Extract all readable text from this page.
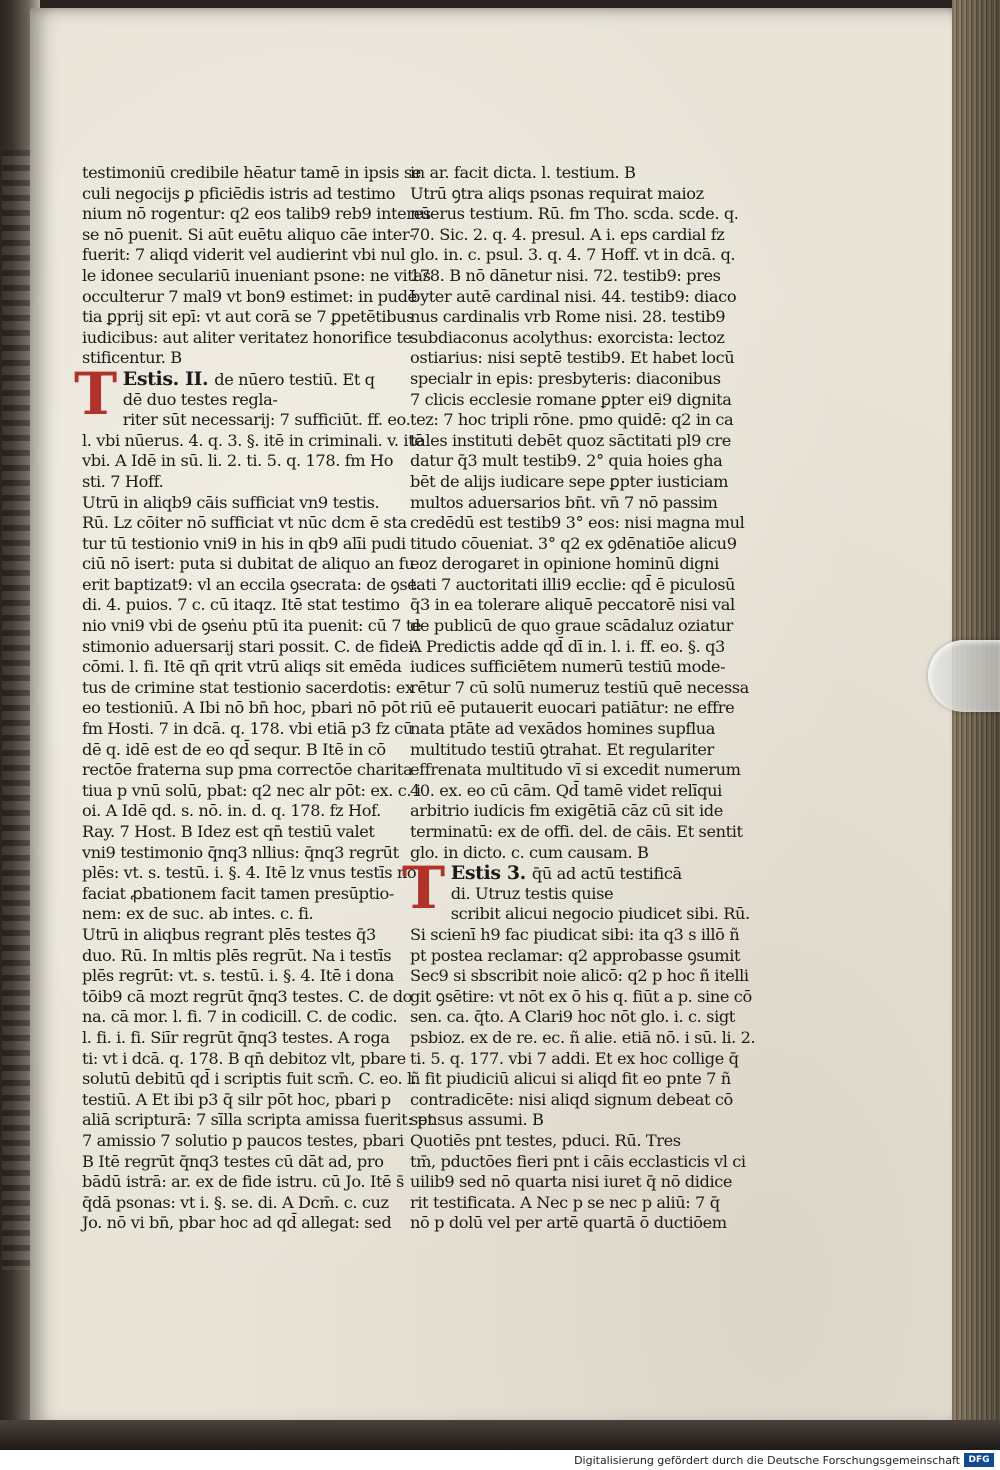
testimoniū credibile hēatur tamē in ipsis se
culi negocijs ꝑ pficiēdis istris ad testimo
nium nō rogentur: q2 eos talib9 reb9 interes
se nō puenit. Si aūt euētu aliquo cāe inter-
fuerit: 7 aliqd viderit vel audierint vbi nul
le idonee seculariū inueniant psone: ne vitas
occulterur 7 mal9 vt bon9 estimet: in pudē
tia ꝑprij sit epī: vt aut corā se 7 ꝑpetētibus
iudicibus: aut aliter veritatez honorifice te
stificentur. B
T Estis. II. de nūero testiū. Et q
dē duo testes regla-
riter sūt necessarij: 7 sufficiūt. ff. eo.
l. vbi nūerus. 4. q. 3. §. itē in criminali. v. itē
vbi. A Idē in sū. li. 2. ti. 5. q. 178. fm Ho
sti. 7 Hoff.
Utrū in aliqb9 cāis sufficiat vn9 testis.
Rū. Lz cōiter nō sufficiat vt nūc dcm ē sta
tur tū testionio vni9 in his in qb9 alīi pudi
ciū nō isert: puta si dubitat de aliquo an fu
erit baptizat9: vl an eccila ꝯsecrata: de ꝯse.
di. 4. puios. 7 c. cū itaqz. Itē stat testimo
nio vni9 vbi de ꝯseṅu ptū ita puenit: cū 7 te
stimonio aduersarij stari possit. C. de fidei.
cōmi. l. fi. Itē qn̄ qrit vtrū aliqs sit emēda
tus de crimine stat testionio sacerdotis: ex
eo testioniū. A Ibi nō bn̄ hoc, pbari nō pōt
fm Hosti. 7 in dcā. q. 178. vbi etiā p3 fz cū
dē q. idē est de eo qd̄ sequr. B Itē in cō
rectōe fraterna sup pma correctōe charita
tiua p vnū solū, pbat: q2 nec alr pōt: ex. c. i
oi. A Idē qd. s. nō. in. d. q. 178. fz Hof.
Ray. 7 Host. B Idez est qn̄ testiū valet
vni9 testimonio q̄nq3 nllius: q̄nq3 regrūt
plēs: vt. s. testū. i. §. 4. Itē lz vnus testīs nō
faciat ꝓbationem facit tamen presūptio-
nem: ex de suc. ab intes. c. fi.
Utrū in aliqbus regrant plēs testes q̄3
duo. Rū. In mltis plēs regrūt. Na i testīs
plēs regrūt: vt. s. testū. i. §. 4. Itē i dona
tōib9 cā mozt regrūt q̄nq3 testes. C. de do
na. cā mor. l. fi. 7 in codicill. C. de codic.
l. fi. i. fi. Siīr regrūt q̄nq3 testes. A roga
ti: vt i dcā. q. 178. B qn̄ debitoz vlt, pbare
solutū debitū qd̄ i scriptis fuit scm̄. C. eo. l.
testiū. A Et ibi p3 q̄ silr pōt hoc, pbari p
aliā scripturā: 7 sīlla scripta amissa fuerit: pt
7 amissio 7 solutio p paucos testes, pbari
B Itē regrūt q̄nq3 testes cū dāt ad, pro
bādū istrā: ar. ex de fide istru. cū Jo. Itē s̄
q̄dā psonas: vt i. §. se. di. A Dcm̄. c. cuz
Jo. nō vi bn̄, pbar hoc ad qd̄ allegat: sed
in ar. facit dicta. l. testium. B
Utrū ꝯtra aliqs psonas requirat maioz
nūerus testium. Rū. fm Tho. scda. scde. q.
70. Sic. 2. q. 4. presul. A i. eps cardial fz
glo. in. c. psul. 3. q. 4. 7 Hoff. vt in dcā. q.
178. B nō dānetur nisi. 72. testib9: pres
byter autē cardinal nisi. 44. testib9: diaco
nus cardinalis vrb Rome nisi. 28. testib9
subdiaconus acolythus: exorcista: lectoz
ostiarius: nisi septē testib9. Et habet locū
specialr in epis: presbyteris: diaconibus
7 clicis ecclesie romane ꝑpter ei9 dignita
tez: 7 hoc tripli rōne. pmo quidē: q2 in ca
tales instituti debēt quoz sāctitati pl9 cre
datur q̄3 mult testib9. 2° quia hoies gha
bēt de alijs iudicare sepe ꝑpter iusticiam
multos aduersarios bn̄t. vn̄ 7 nō passim
credēdū est testib9 3° eos: nisi magna mul
titudo cōueniat. 3° q2 ex ꝯdēnatiōe alicu9
eoz derogaret in opinione hominū digni
tati 7 auctoritati illi9 ecclie: qd̄ ē piculosū
q̄3 in ea tolerare aliquē peccatorē nisi val
de publicū de quo graue scādaluz oziatur
A Predictis adde qd̄ dī in. l. i. ff. eo. §. q3
iudices sufficiētem numerū testiū mode-
rētur 7 cū solū numeruz testiū quē necessa
riū eē putauerit euocari patiātur: ne effre
nata ptāte ad vexādos homines supflua
multitudo testiū ꝯtrahat. Et regulariter
effrenata multitudo vī si excedit numerum
40. ex. eo cū cām. Qd̄ tamē videt relīqui
arbitrio iudicis fm exigētiā cāz cū sit ide
terminatū: ex de offi. del. de cāis. Et sentit
glo. in dicto. c. cum causam. B
T Estis 3. q̄ū ad actū testificā
di. Utruz testis quise
scribit alicui negocio piudicet sibi. Rū.
Si scienī h9 fac piudicat sibi: ita q3 s illō ñ
pt postea reclamar: q2 approbasse ꝯsumit
Sec9 si sbscribit noie alicō: q2 p hoc ñ itelli
git ꝯsētire: vt nōt ex ō his q. fiūt a p. sine cō
sen. ca. q̄to. A Clari9 hoc nōt glo. i. c. sigt
psbioz. ex de re. ec. ñ alie. etiā nō. i sū. li. 2.
ti. 5. q. 177. vbi 7 addi. Et ex hoc collige q̄
ñ fit piudiciū alicui si aliqd fit eo pnte 7 ñ
contradicēte: nisi aliqd signum debeat cō
sensus assumi. B
Quotiēs pnt testes, pduci. Rū. Tres
tm̄, pductōes fieri pnt i cāis ecclasticis vl ci
uilib9 sed nō quarta nisi iuret q̄ nō didice
rit testificata. A Nec p se nec p aliū: 7 q̄
nō p dolū vel per artē quartā ō ductiōem
Digitalisierung gefördert durch die Deutsche Forschungsgemeinschaft DFG
